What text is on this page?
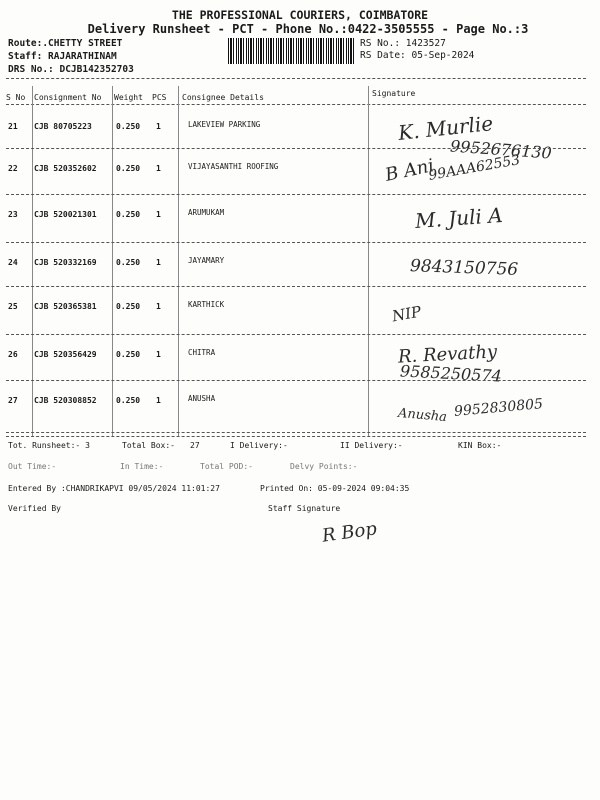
THE PROFESSIONAL COURIERS, COIMBATORE
Delivery Runsheet - PCT - Phone No.:0422-3505555 - Page No.:3
Route:.CHETTY STREET
Staff: RAJARATHINAM
DRS No.: DCJB142352703
RS No.: 1423527
RS Date: 05-Sep-2024
S No Consignment No Weight PCS Consignee Details	Signature
21 CJB 80705223	0.250 1	LAKEVIEW PARKING	K. Murlie
9952676130
22 CJB 520352602 0.250 1	VIJAYASANTHI ROOFING	B Ani
99AAA62553
23 CJB 520021301 0.250 1	ARUMUKAM	M. Juli A
24 CJB 520332169 0.250 1	JAYAMARY	9843150756
25 CJB 520365381 0.250 1	KARTHICK	NIP
26 CJB 520356429 0.250 1	CHITRA	R. Revathy
9585250574
27 CJB 520308852 0.250 1	ANUSHA
Anusha 9952830805
Tot. Runsheet:- 3	Total Box:- 27	I Delivery:-	II Delivery:-	KIN Box:-
Out Time:-	In Time:-	Total POD:-	Delvy Points:-
Entered By :CHANDRIKAPVI 09/05/2024 11:01:27	Printed On: 05-09-2024 09:04:35
Verified By	Staff Signature
R Bop
